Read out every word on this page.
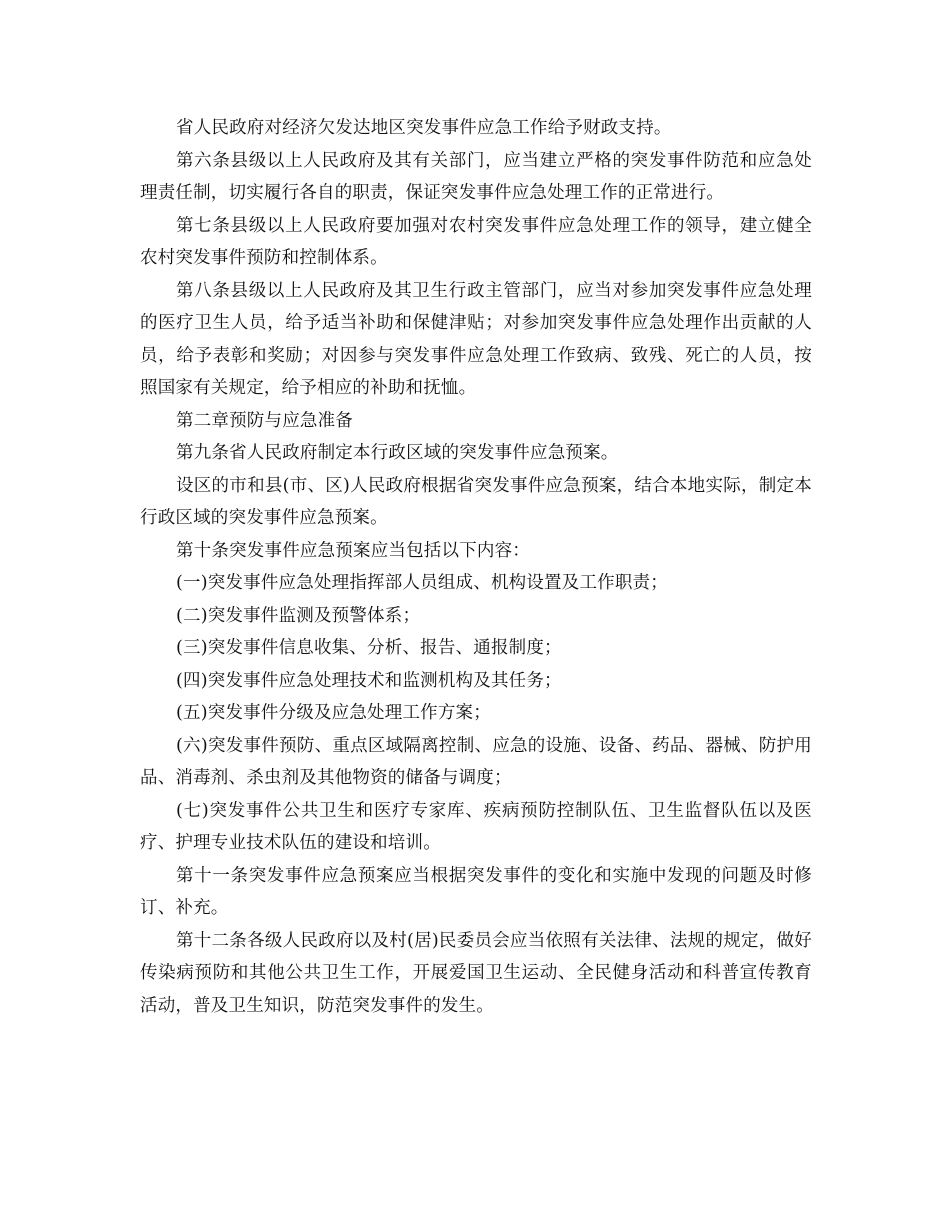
省人民政府对经济欠发达地区突发事件应急工作给予财政支持。

第六条县级以上人民政府及其有关部门，应当建立严格的突发事件防范和应急处理责任制，切实履行各自的职责，保证突发事件应急处理工作的正常进行。

第七条县级以上人民政府要加强对农村突发事件应急处理工作的领导，建立健全农村突发事件预防和控制体系。

第八条县级以上人民政府及其卫生行政主管部门，应当对参加突发事件应急处理的医疗卫生人员，给予适当补助和保健津贴；对参加突发事件应急处理作出贡献的人员，给予表彰和奖励；对因参与突发事件应急处理工作致病、致残、死亡的人员，按照国家有关规定，给予相应的补助和抚恤。

第二章预防与应急准备

第九条省人民政府制定本行政区域的突发事件应急预案。

设区的市和县(市、区)人民政府根据省突发事件应急预案，结合本地实际，制定本行政区域的突发事件应急预案。

第十条突发事件应急预案应当包括以下内容：

(一)突发事件应急处理指挥部人员组成、机构设置及工作职责；

(二)突发事件监测及预警体系；

(三)突发事件信息收集、分析、报告、通报制度；

(四)突发事件应急处理技术和监测机构及其任务；

(五)突发事件分级及应急处理工作方案；

(六)突发事件预防、重点区域隔离控制、应急的设施、设备、药品、器械、防护用品、消毒剂、杀虫剂及其他物资的储备与调度；

(七)突发事件公共卫生和医疗专家库、疾病预防控制队伍、卫生监督队伍以及医疗、护理专业技术队伍的建设和培训。

第十一条突发事件应急预案应当根据突发事件的变化和实施中发现的问题及时修订、补充。

第十二条各级人民政府以及村(居)民委员会应当依照有关法律、法规的规定，做好传染病预防和其他公共卫生工作，开展爱国卫生运动、全民健身活动和科普宣传教育活动，普及卫生知识，防范突发事件的发生。
